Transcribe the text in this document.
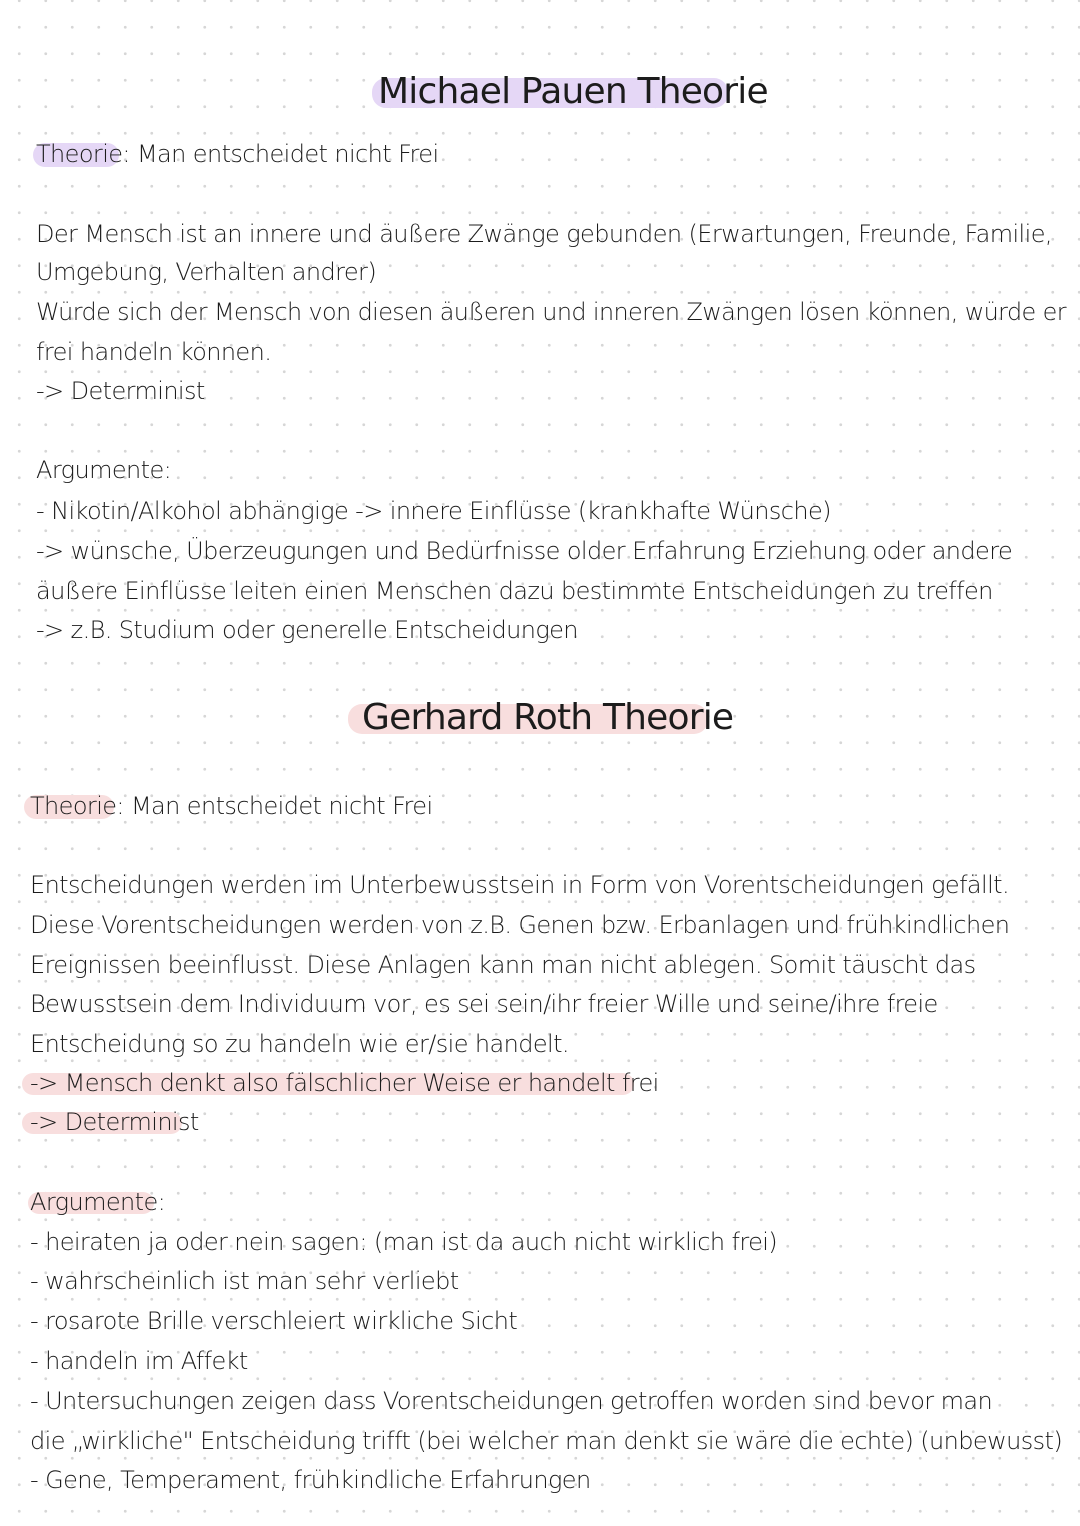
Michael Pauen Theorie
Theorie: Man entscheidet nicht Frei
Der Mensch ist an innere und äußere Zwänge gebunden (Erwartungen, Freunde, Familie,
Umgebung, Verhalten andrer)
Würde sich der Mensch von diesen äußeren und inneren Zwängen lösen können, würde er
frei handeln können.
-> Determinist
Argumente:
- Nikotin/Alkohol abhängige -> innere Einflüsse (krankhafte Wünsche)
-> wünsche, Überzeugungen und Bedürfnisse older Erfahrung Erziehung oder andere
äußere Einflüsse leiten einen Menschen dazu bestimmte Entscheidungen zu treffen
-> z.B. Studium oder generelle Entscheidungen
Gerhard Roth Theorie
Theorie: Man entscheidet nicht Frei
Entscheidungen werden im Unterbewusstsein in Form von Vorentscheidungen gefällt.
Diese Vorentscheidungen werden von z.B. Genen bzw. Erbanlagen und frühkindlichen
Ereignissen beeinflusst. Diese Anlagen kann man nicht ablegen. Somit täuscht das
Bewusstsein dem Individuum vor, es sei sein/ihr freier Wille und seine/ihre freie
Entscheidung so zu handeln wie er/sie handelt.
-> Mensch denkt also fälschlicher Weise er handelt frei
-> Determinist
Argumente:
- heiraten ja oder nein sagen: (man ist da auch nicht wirklich frei)
- wahrscheinlich ist man sehr verliebt
- rosarote Brille verschleiert wirkliche Sicht
- handeln im Affekt
- Untersuchungen zeigen dass Vorentscheidungen getroffen worden sind bevor man
die „wirkliche" Entscheidung trifft (bei welcher man denkt sie wäre die echte) (unbewusst)
- Gene, Temperament, frühkindliche Erfahrungen
